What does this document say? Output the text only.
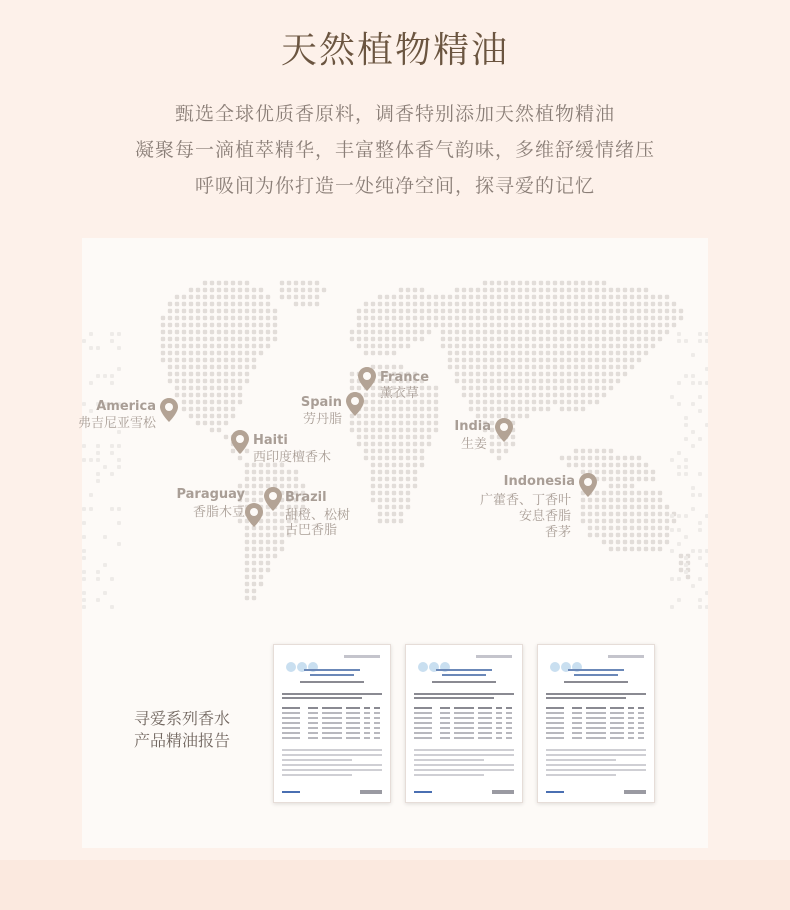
天然植物精油
甄选全球优质香原料，调香特别添加天然植物精油
凝聚每一滴植萃精华，丰富整体香气韵味，多维舒缓情绪压
呼吸间为你打造一处纯净空间，探寻爱的记忆
America
弗吉尼亚雪松
Haiti
西印度檀香木
Spain
劳丹脂
France
薰衣草
India
生姜
Paraguay
香脂木豆
Brazil
甜橙、松树
古巴香脂
Indonesia
广藿香、丁香叶
安息香脂
香茅
寻爱系列香水
产品精油报告
